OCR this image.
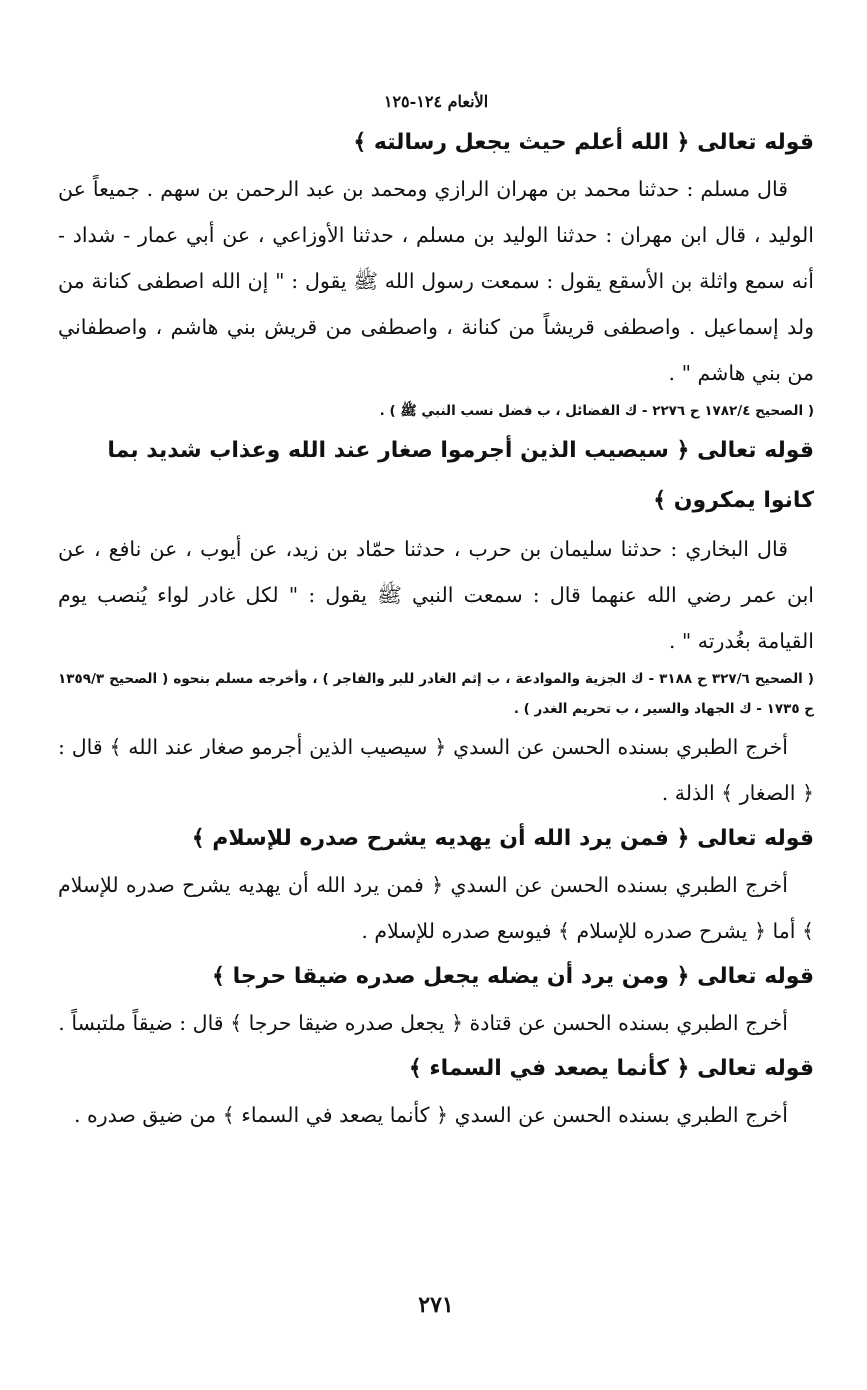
الأنعام ١٢٤-١٢٥

قوله تعالى ﴿ الله أعلم حيث يجعل رسالته ﴾

قال مسلم : حدثنا محمد بن مهران الرازي ومحمد بن عبد الرحمن بن سهم . جميعاً عن الوليد ، قال ابن مهران : حدثنا الوليد بن مسلم ، حدثنا الأوزاعي ، عن أبي عمار - شداد - أنه سمع واثلة بن الأسقع يقول : سمعت رسول الله ﷺ يقول : " إن الله اصطفى كنانة من ولد إسماعيل . واصطفى قريشاً من كنانة ، واصطفى من قريش بني هاشم ، واصطفاني من بني هاشم " .

( الصحيح ١٧٨٢/٤ ح ٢٢٧٦ - ك الفضائل ، ب فضل نسب النبي ﷺ ) .

قوله تعالى ﴿ سيصيب الذين أجرموا صغار عند الله وعذاب شديد بما كانوا يمكرون ﴾

قال البخاري : حدثنا سليمان بن حرب ، حدثنا حمّاد بن زيد، عن أيوب ، عن نافع ، عن ابن عمر رضي الله عنهما قال : سمعت النبي ﷺ يقول : " لكل غادر لواء يُنصب يوم القيامة بغُدرته " .

( الصحيح ٣٢٧/٦ ح ٣١٨٨ - ك الجزية والموادعة ، ب إثم الغادر للبر والفاجر ) ، وأخرجه مسلم بنحوه ( الصحيح ١٣٥٩/٣ ح ١٧٣٥ - ك الجهاد والسير ، ب تحريم الغدر ) .

أخرج الطبري بسنده الحسن عن السدي ﴿ سيصيب الذين أجرمو صغار عند الله ﴾ قال : ﴿ الصغار ﴾ الذلة .

قوله تعالى ﴿ فمن يرد الله أن يهديه يشرح صدره للإسلام ﴾

أخرج الطبري بسنده الحسن عن السدي ﴿ فمن يرد الله أن يهديه يشرح صدره للإسلام ﴾ أما ﴿ يشرح صدره للإسلام ﴾ فيوسع صدره للإسلام .

قوله تعالى ﴿ ومن يرد أن يضله يجعل صدره ضيقا حرجا ﴾

أخرج الطبري بسنده الحسن عن قتادة ﴿ يجعل صدره ضيقا حرجا ﴾ قال : ضيقاً ملتبساً .

قوله تعالى ﴿ كأنما يصعد في السماء ﴾

أخرج الطبري بسنده الحسن عن السدي ﴿ كأنما يصعد في السماء ﴾ من ضيق صدره .

٢٧١
